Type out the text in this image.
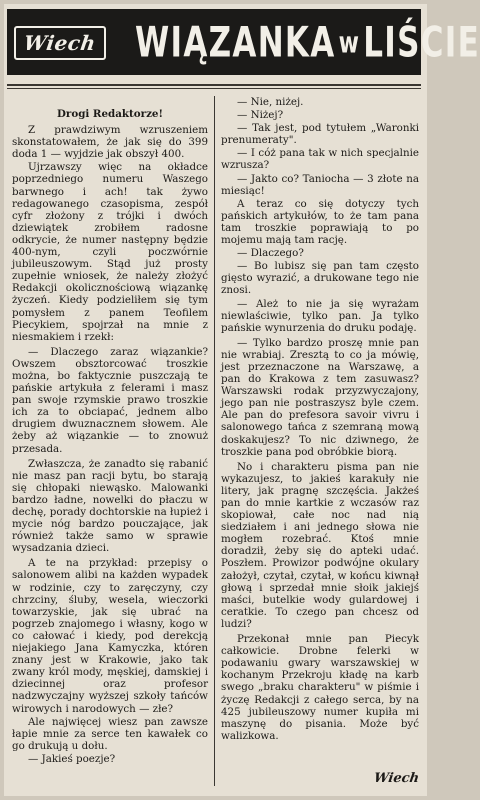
Wiech WIĄZANKA w LIŚCIE

Drogi Redaktorze!

Z prawdziwym wzruszeniem skonstatowałem, że jak się do 399 doda 1 — wyjdzie jak obszył 400.

Ujrzawszy więc na okładce poprzedniego numeru Waszego barwnego i ach! tak żywo redagowanego czasopisma, zespół cyfr złożony z trójki i dwóch dziewiątek zrobiłem radosne odkrycie, że numer następny będzie 400-nym, czyli poczwórnie jubileuszowym. Stąd już prosty zupełnie wniosek, że należy złożyć Redakcji okolicznościową wiązankę życzeń. Kiedy podzieliłem się tym pomysłem z panem Teofilem Piecykiem, spojrzał na mnie z niesmakiem i rzekł:

— Dlaczego zaraz wiązankie? Owszem obsztorcować troszkie można, bo faktycznie puszczają te pańskie artykuła z felerami i masz pan swoje rzymskie prawo troszkie ich za to obciapać, jednem albo drugiem dwuznacznem słowem. Ale żeby aż wiązankie — to znowuż przesada.

Zwłaszcza, że zanadto się rabanić nie masz pan racji bytu, bo starają się chłopaki niewąsko. Malowanki bardzo ładne, nowelki do płaczu w dechę, porady dochtorskie na łupież i mycie nóg bardzo pouczające, jak również także samo w sprawie wysadzania dzieci.

A te na przykład: przepisy o salonowem alibi na każden wypadek w rodzinie, czy to zaręczyny, czy chrzciny, śluby, wesela, wieczorki towarzyskie, jak się ubrać na pogrzeb znajomego i własny, kogo w co całować i kiedy, pod derekcją niejakiego Jana Kamyczka, któren znany jest w Krakowie, jako tak zwany król mody, męskiej, damskiej i dziecinnej oraz profesor nadzwyczajny wyższej szkoły tańców wirowych i narodowych — złe?

Ale najwięcej wiesz pan zawsze łapie mnie za serce ten kawałek co go drukują u dołu.

— Jakieś poezje?

— Nie, niżej.

— Niżej?

— Tak jest, pod tytułem „Waronki prenumeraty".

— I cóż pana tak w nich specjalnie wzrusza?

— Jakto co? Taniocha — 3 złote na miesiąc!

A teraz co się dotyczy tych pańskich artykułów, to że tam pana tam troszkie poprawiają to po mojemu mają tam rację.

— Dlaczego?

— Bo lubisz się pan tam często gięsto wyrazić, a drukowane tego nie znosi.

— Ależ to nie ja się wyrażam niewlaściwie, tylko pan. Ja tylko pańskie wynurzenia do druku podaję.

— Tylko bardzo proszę mnie pan nie wrabiaj. Zresztą to co ja mówię, jest przeznaczone na Warszawę, a pan do Krakowa z tem zasuwasz? Warszawski rodak przyzwyczajony, jego pan nie postraszysz byle czem. Ale pan do prefesora savoir vivru i salonowego tańca z szemraną mową doskakujesz? To nic dziwnego, że troszkie pana pod obróbkie biorą.

No i charakteru pisma pan nie wykazujesz, to jakieś karakuły nie litery, jak pragnę szczęścia. Jakżeś pan do mnie kartkie z wczasów raz skopiował, całe noc nad nią siedziałem i ani jednego słowa nie mogłem rozebrać. Ktoś mnie doradził, żeby się do apteki udać. Poszłem. Prowizor podwójne okulary założył, czytał, czytał, w końcu kiwnął głową i sprzedał mnie słoik jakiejś maści, butelkie wody gulardowej i ceratkie. To czego pan chcesz od ludzi?

Przekonał mnie pan Piecyk całkowicie. Drobne felerki w podawaniu gwary warszawskiej w kochanym Przekroju kładę na karb swego „braku charakteru" w piśmie i życzę Redakcji z całego serca, by na 425 jubileuszowy numer kupiła mi maszynę do pisania. Może być walizkowa.

Wiech
